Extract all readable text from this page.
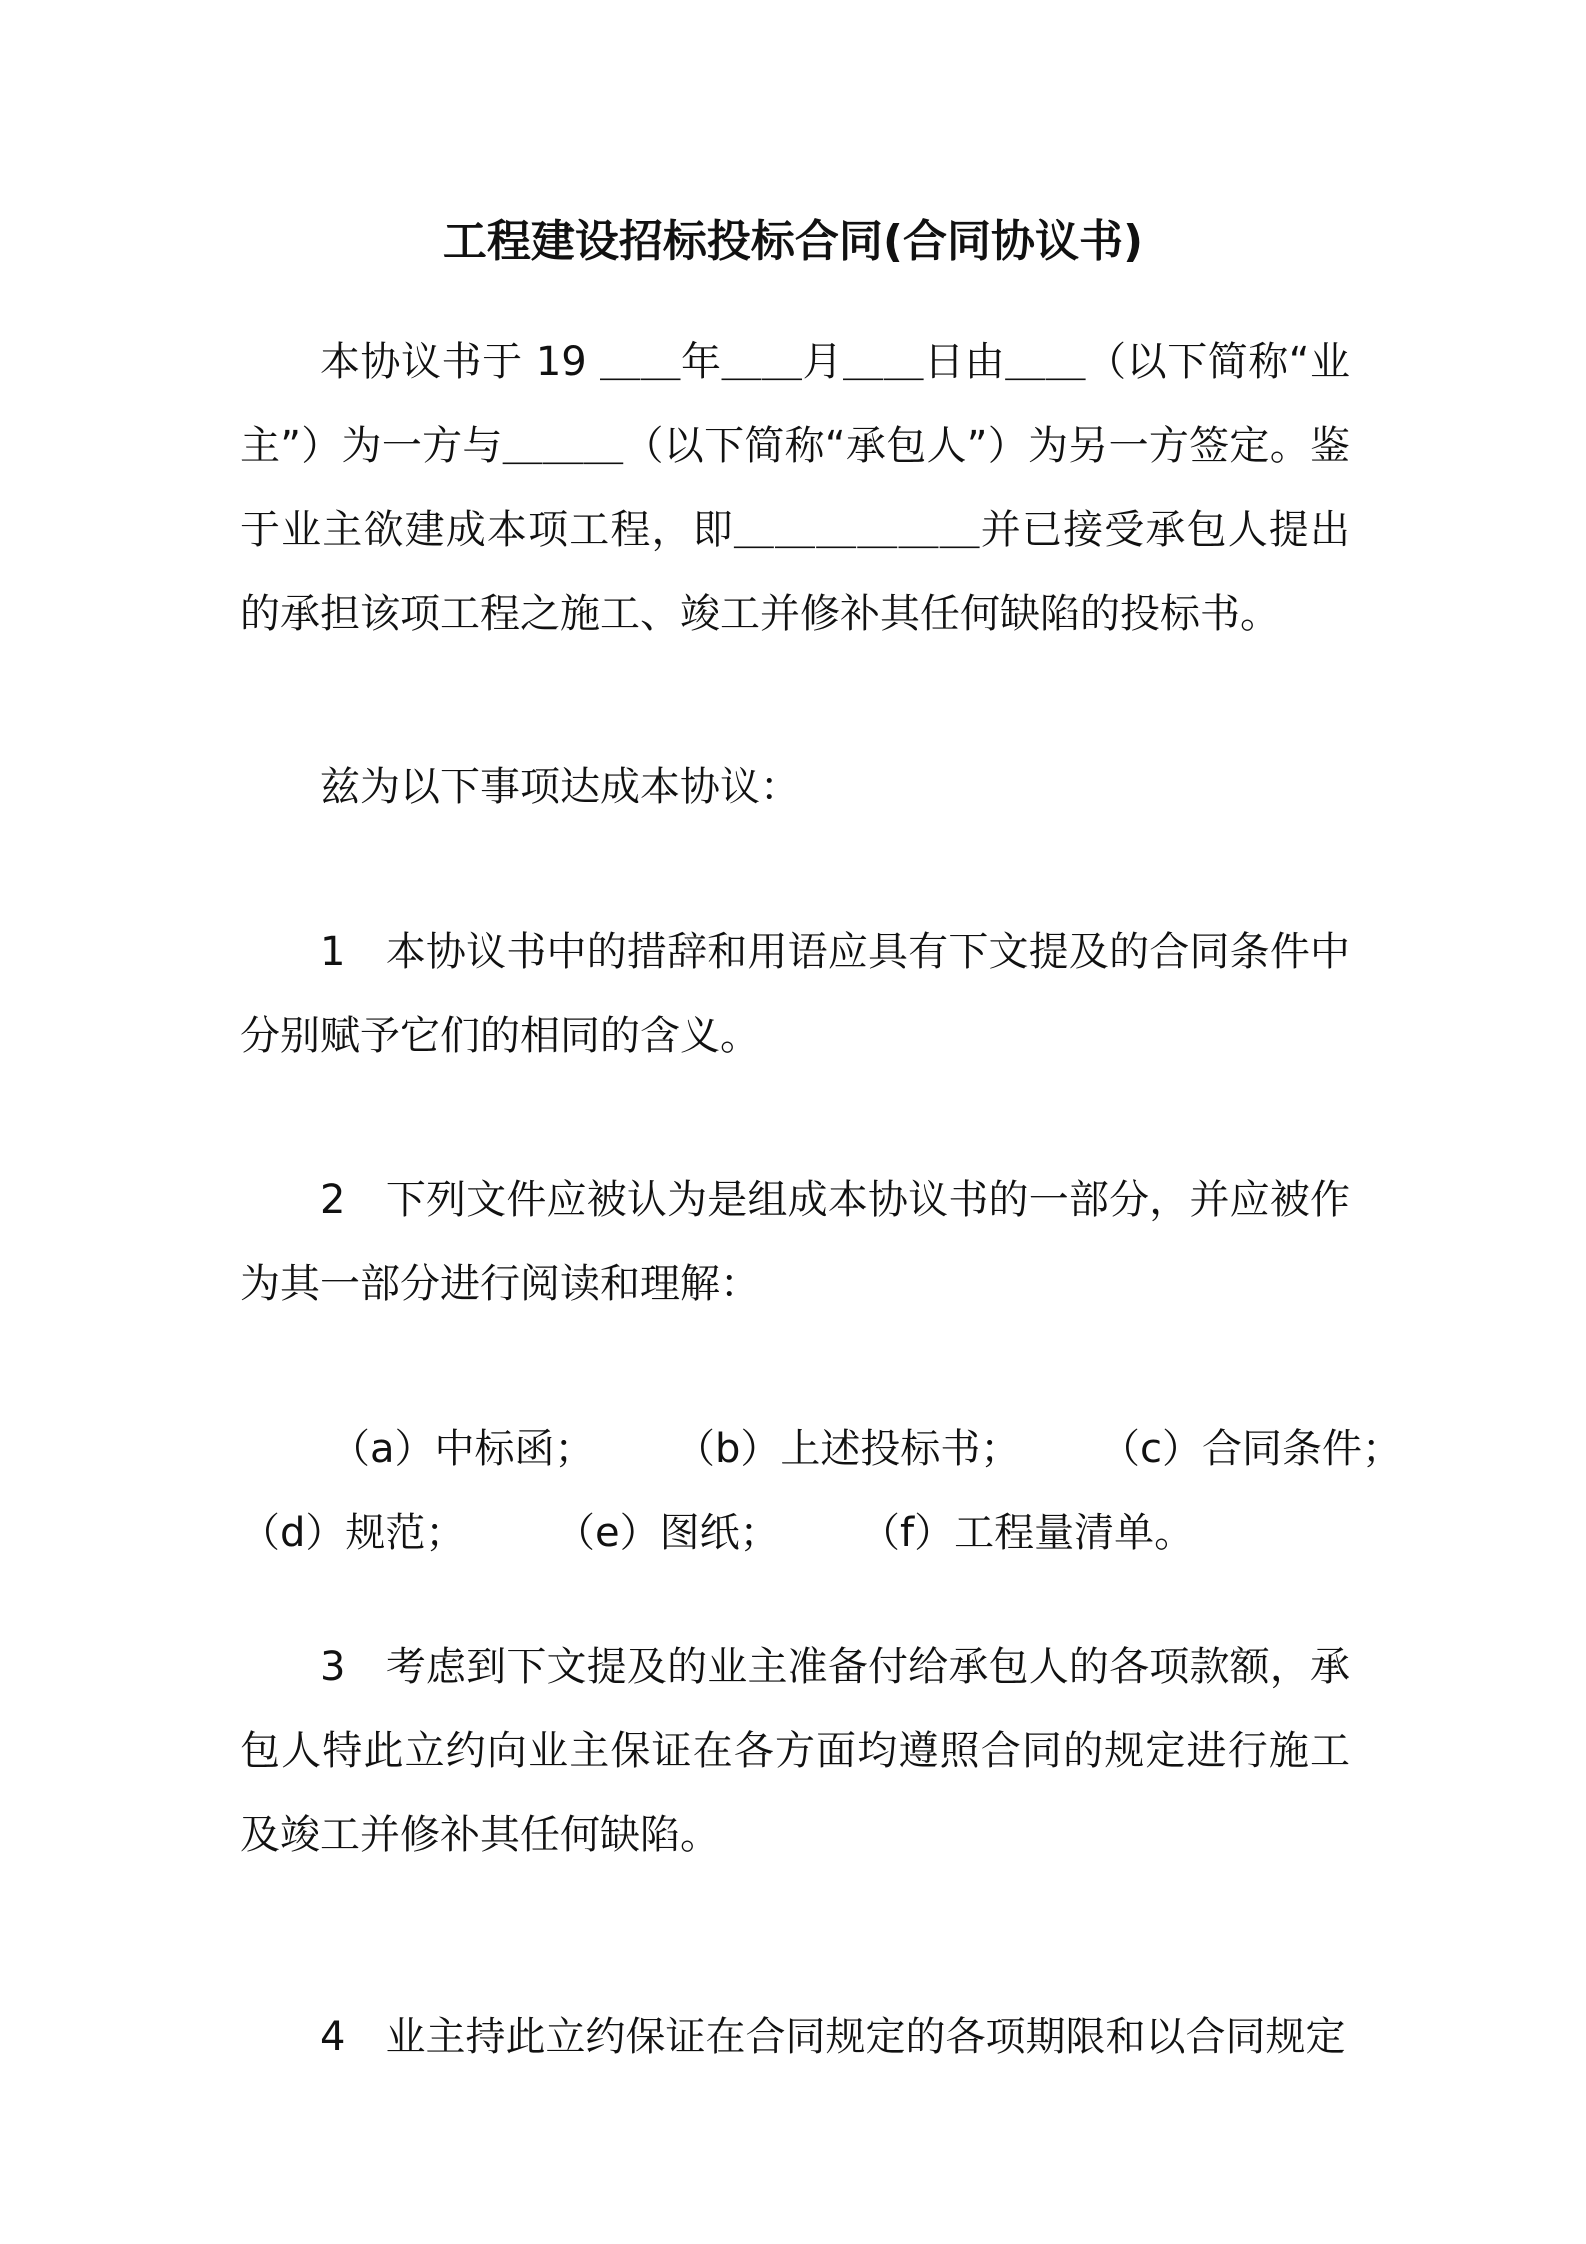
工程建设招标投标合同(合同协议书)

本协议书于 19 ＿＿年＿＿月＿＿日由＿＿（以下简称“业主”）为一方与＿＿＿（以下简称“承包人”）为另一方签定。鉴于业主欲建成本项工程，即＿＿＿＿＿＿并已接受承包人提出的承担该项工程之施工、竣工并修补其任何缺陷的投标书。

兹为以下事项达成本协议：

1　本协议书中的措辞和用语应具有下文提及的合同条件中分别赋予它们的相同的含义。

2　下列文件应被认为是组成本协议书的一部分，并应被作为其一部分进行阅读和理解：

（a）中标函； （b）上述投标书； （c）合同条件；
（d）规范； （e）图纸； （f）工程量清单。

3　考虑到下文提及的业主准备付给承包人的各项款额，承包人特此立约向业主保证在各方面均遵照合同的规定进行施工及竣工并修补其任何缺陷。

4　业主持此立约保证在合同规定的各项期限和以合同规定
